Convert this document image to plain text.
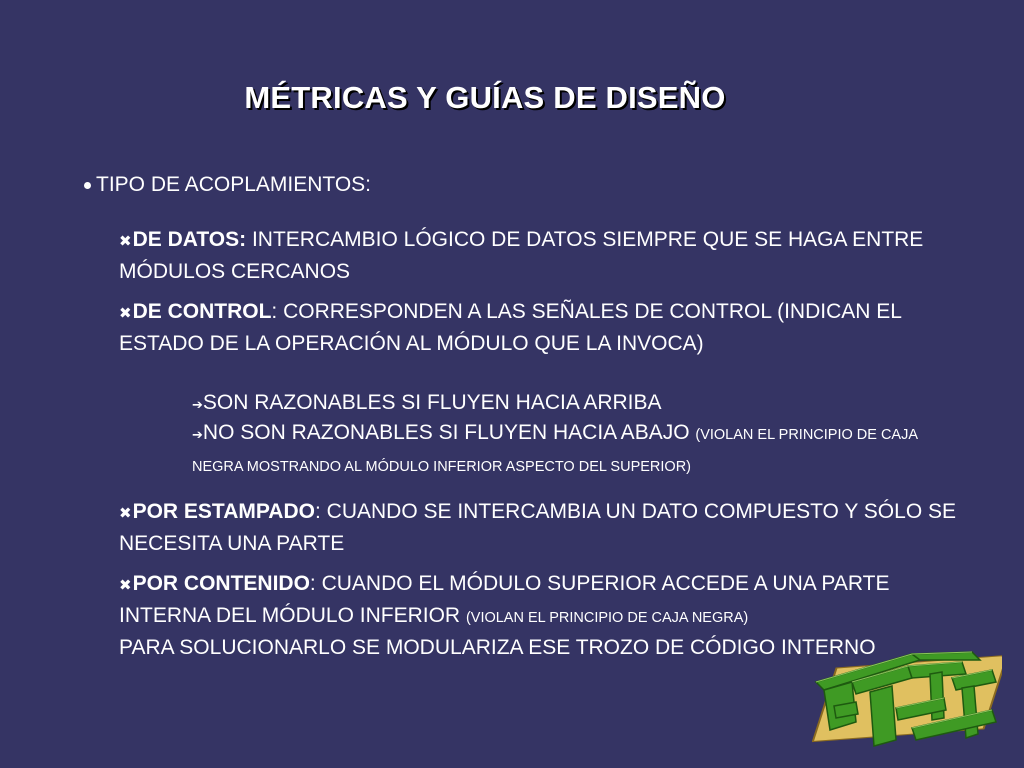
MÉTRICAS Y GUÍAS DE DISEÑO
TIPO DE ACOPLAMIENTOS:
✖DE DATOS: INTERCAMBIO LÓGICO DE DATOS SIEMPRE QUE SE HAGA ENTRE MÓDULOS CERCANOS
✖DE CONTROL: CORRESPONDEN A LAS SEÑALES DE CONTROL (INDICAN EL ESTADO DE LA OPERACIÓN AL MÓDULO QUE LA INVOCA)
➔SON RAZONABLES SI FLUYEN HACIA ARRIBA
➔NO SON RAZONABLES SI FLUYEN HACIA ABAJO (VIOLAN EL PRINCIPIO DE CAJA NEGRA MOSTRANDO AL MÓDULO INFERIOR ASPECTO DEL SUPERIOR)
✖POR ESTAMPADO: CUANDO SE INTERCAMBIA UN DATO COMPUESTO Y SÓLO SE NECESITA UNA PARTE
✖POR CONTENIDO: CUANDO EL MÓDULO SUPERIOR ACCEDE A UNA PARTE INTERNA DEL MÓDULO INFERIOR (VIOLAN EL PRINCIPIO DE CAJA NEGRA)
PARA SOLUCIONARLO SE MODULARIZA ESE TROZO DE CÓDIGO INTERNO
